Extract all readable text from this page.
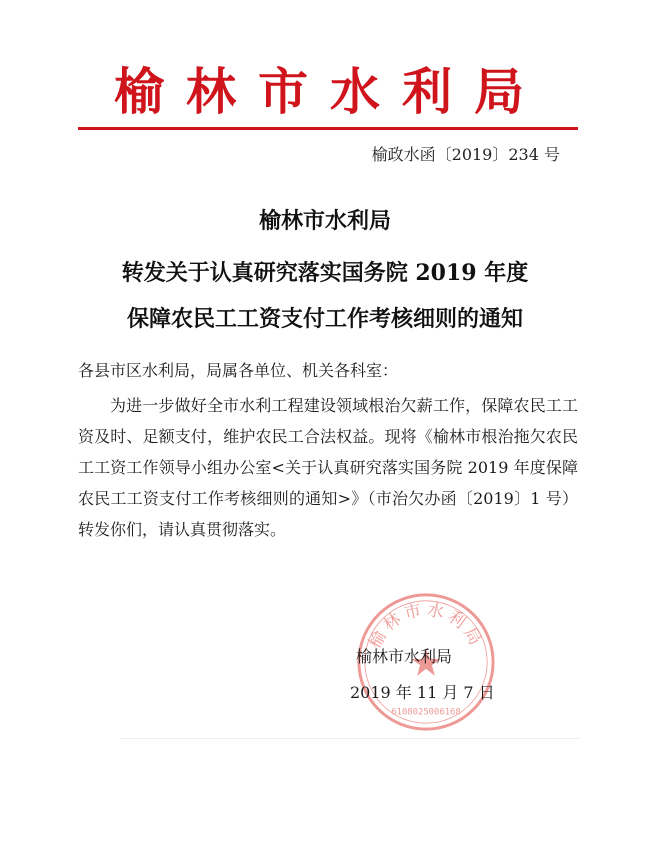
榆林市水利局
榆政水函〔2019〕234 号
榆林市水利局
转发关于认真研究落实国务院 2019 年度
保障农民工工资支付工作考核细则的通知
各县市区水利局，局属各单位、机关各科室：
为进一步做好全市水利工程建设领域根治欠薪工作，保障农民工工资及时、足额支付，维护农民工合法权益。现将《榆林市根治拖欠农民工工资工作领导小组办公室<关于认真研究落实国务院 2019 年度保障农民工工资支付工作考核细则的通知>》（市治欠办函〔2019〕1 号）转发你们，请认真贯彻落实。
榆林市水利局
6108025006168
榆林市水利局
2019 年 11 月 7 日
